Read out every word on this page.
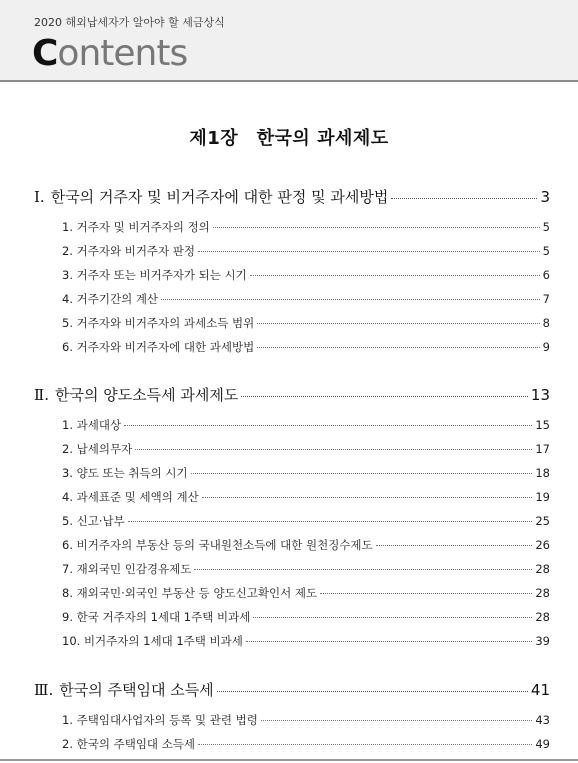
2020 해외납세자가 알아야 할 세금상식
Contents
제1장　한국의 과세제도
Ⅰ. 한국의 거주자 및 비거주자에 대한 판정 및 과세방법	3
1. 거주자 및 비거주자의 정의	5
2. 거주자와 비거주자 판정	5
3. 거주자 또는 비거주자가 되는 시기	6
4. 거주기간의 계산	7
5. 거주자와 비거주자의 과세소득 범위	8
6. 거주자와 비거주자에 대한 과세방법	9
Ⅱ. 한국의 양도소득세 과세제도	13
1. 과세대상	15
2. 납세의무자	17
3. 양도 또는 취득의 시기	18
4. 과세표준 및 세액의 계산	19
5. 신고·납부	25
6. 비거주자의 부동산 등의 국내원천소득에 대한 원천징수제도	26
7. 재외국민 인감경유제도	28
8. 재외국민·외국인 부동산 등 양도신고확인서 제도	28
9. 한국 거주자의 1세대 1주택 비과세	28
10. 비거주자의 1세대 1주택 비과세	39
Ⅲ. 한국의 주택임대 소득세	41
1. 주택임대사업자의 등록 및 관련 법령	43
2. 한국의 주택임대 소득세	49
